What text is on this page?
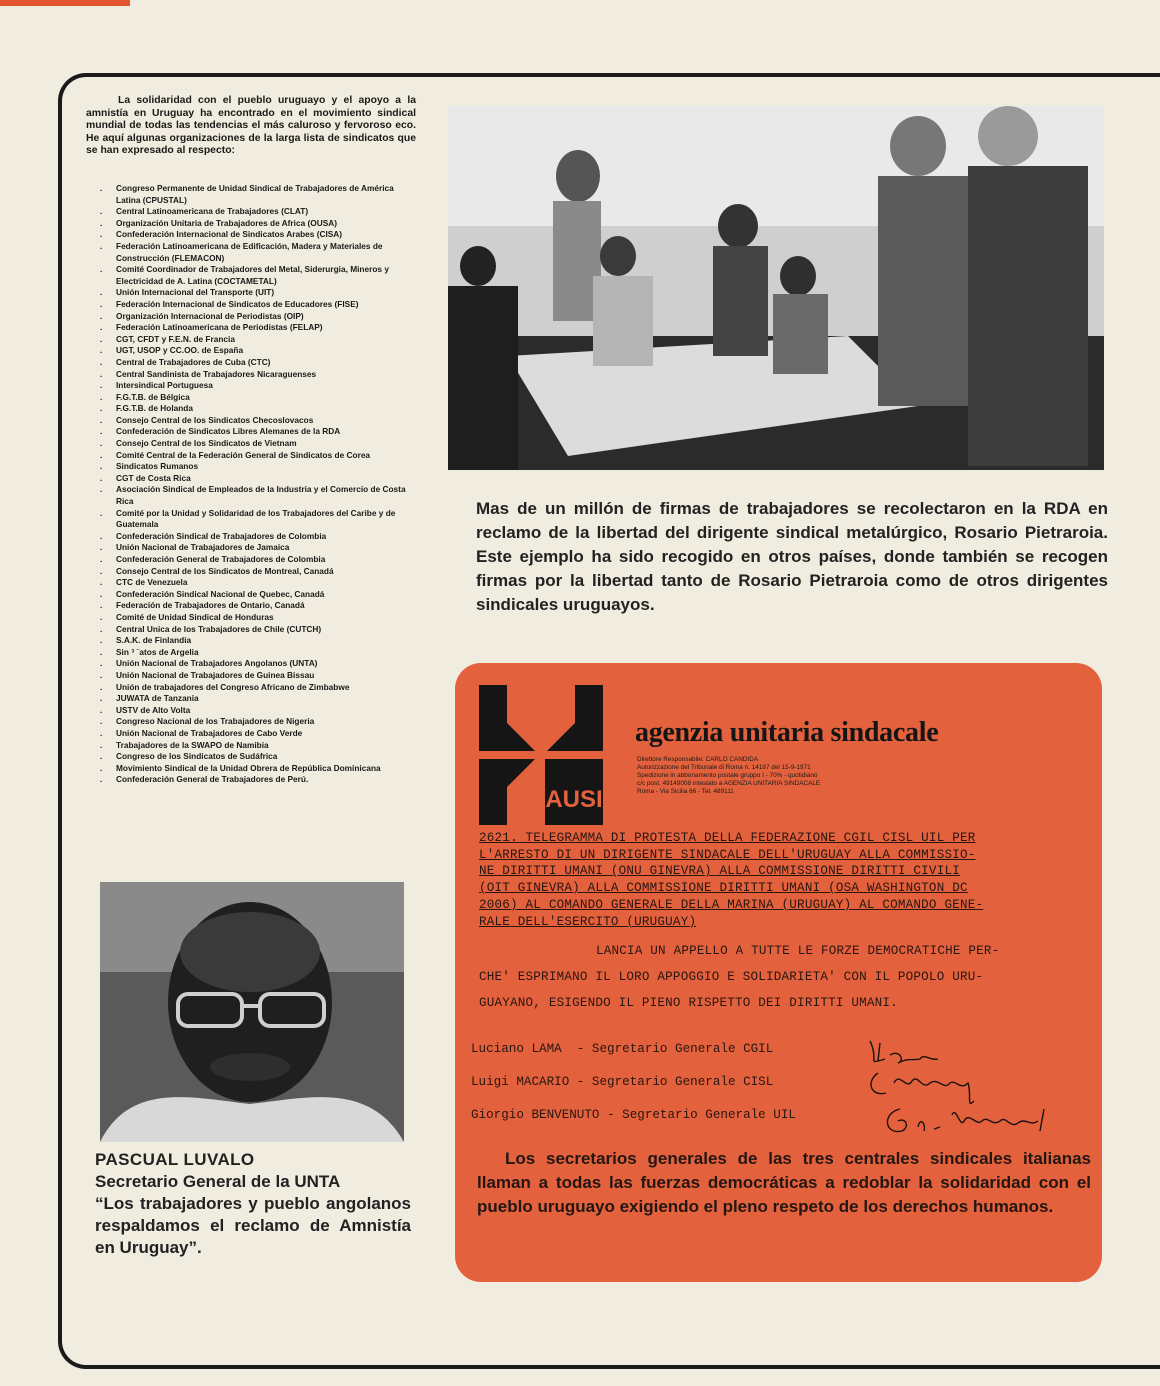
La solidaridad con el pueblo uruguayo y el apoyo a la amnistía en Uruguay ha encontrado en el movimiento sindical mundial de todas las tendencias el más caluroso y fervoroso eco. He aquí algunas organizaciones de la larga lista de sindicatos que se han expresado al respecto:
. Congreso Permanente de Unidad Sindical de Trabajadores de América Latina (CPUSTAL)
. Central Latinoamericana de Trabajadores (CLAT)
. Organización Unitaria de Trabajadores de Africa (OUSA)
. Confederación Internacional de Sindicatos Arabes (CISA)
. Federación Latinoamericana de Edificación, Madera y Materiales de Construcción (FLEMACON)
. Comité Coordinador de Trabajadores del Metal, Siderurgia, Mineros y Electricidad de A. Latina (COCTAMETAL)
. Unión Internacional del Transporte (UIT)
. Federación Internacional de Sindicatos de Educadores (FISE)
. Organización Internacional de Periodistas (OIP)
. Federación Latinoamericana de Periodistas (FELAP)
. CGT, CFDT y F.E.N. de Francia
. UGT, USOP y CC.OO. de España
. Central de Trabajadores de Cuba (CTC)
. Central Sandinista de Trabajadores Nicaraguenses
. Intersindical Portuguesa
. F.G.T.B. de Bélgica
. F.G.T.B. de Holanda
. Consejo Central de los Sindicatos Checoslovacos
. Confederación de Sindicatos Libres Alemanes de la RDA
. Consejo Central de los Sindicatos de Vietnam
. Comité Central de la Federación General de Sindicatos de Corea
. Sindicatos Rumanos
. CGT de Costa Rica
. Asociación Sindical de Empleados de la Industria y el Comercio de Costa Rica
. Comité por la Unidad y Solidaridad de los Trabajadores del Caribe y de Guatemala
. Confederación Sindical de Trabajadores de Colombia
. Unión Nacional de Trabajadores de Jamaica
. Confederación General de Trabajadores de Colombia
. Consejo Central de los Sindicatos de Montreal, Canadá
. CTC de Venezuela
. Confederación Sindical Nacional de Quebec, Canadá
. Federación de Trabajadores de Ontario, Canadá
. Comité de Unidad Sindical de Honduras
. Central Unica de los Trabajadores de Chile (CUTCH)
. S.A.K. de Finlandia
. Sin ˀ ¨atos de Argelia
. Unión Nacional de Trabajadores Angolanos (UNTA)
. Unión Nacional de Trabajadores de Guinea Bissau
. Unión de trabajadores del Congreso Africano de Zimbabwe
. JUWATA de Tanzania
. USTV de Alto Volta
. Congreso Nacional de los Trabajadores de Nigeria
. Unión Nacional de Trabajadores de Cabo Verde
. Trabajadores de la SWAPO de Namibia
. Congreso de los Sindicatos de Sudáfrica
. Movimiento Sindical de la Unidad Obrera de República Dominicana
. Confederación General de Trabajadores de Perú.
Mas de un millón de firmas de trabajadores se recolectaron en la RDA en reclamo de la libertad del dirigente sindical metalúrgico, Rosario Pietraroia. Este ejemplo ha sido recogido en otros países, donde también se recogen firmas por la libertad tanto de Rosario Pietraroia como de otros dirigentes sindicales uruguayos.
AUSI
agenzia unitaria sindacale
Direttore Responsabile: CARLO CANDIDA
Autorizzazione del Tribunale di Roma n. 14187 del 15-9-1971
Spedizione in abbonamento postale gruppo I - 70% - quotidiano
c/c post. 49149008 intestato a AGENZIA UNITARIA SINDACALE
Roma - Via Sicilia 66 - Tel. 489111
2621. TELEGRAMMA DI PROTESTA DELLA FEDERAZIONE CGIL CISL UIL PER
L'ARRESTO DI UN DIRIGENTE SINDACALE DELL'URUGUAY ALLA COMMISSIO-
NE DIRITTI UMANI (ONU GINEVRA) ALLA COMMISSIONE DIRITTI CIVILI
(OIT GINEVRA) ALLA COMMISSIONE DIRITTI UMANI (OSA WASHINGTON DC
2006) AL COMANDO GENERALE DELLA MARINA (URUGUAY) AL COMANDO GENE-
RALE DELL'ESERCITO (URUGUAY)
LANCIA UN APPELLO A TUTTE LE FORZE DEMOCRATICHE PER-
CHE' ESPRIMANO IL LORO APPOGGIO E SOLIDARIETA' CON IL POPOLO URU-
GUAYANO, ESIGENDO IL PIENO RISPETTO DEI DIRITTI UMANI.
Luciano LAMA  - Segretario Generale CGIL
Luigi MACARIO - Segretario Generale CISL
Giorgio BENVENUTO - Segretario Generale UIL
Los secretarios generales de las tres centrales sindicales italianas llaman a todas las fuerzas democráticas a redoblar la solidaridad con el pueblo uruguayo exigiendo el pleno respeto de los derechos humanos.
PASCUAL LUVALO
Secretario General de la UNTA
“Los trabajadores y pueblo angolanos respaldamos el reclamo de Amnistía en Uruguay”.
